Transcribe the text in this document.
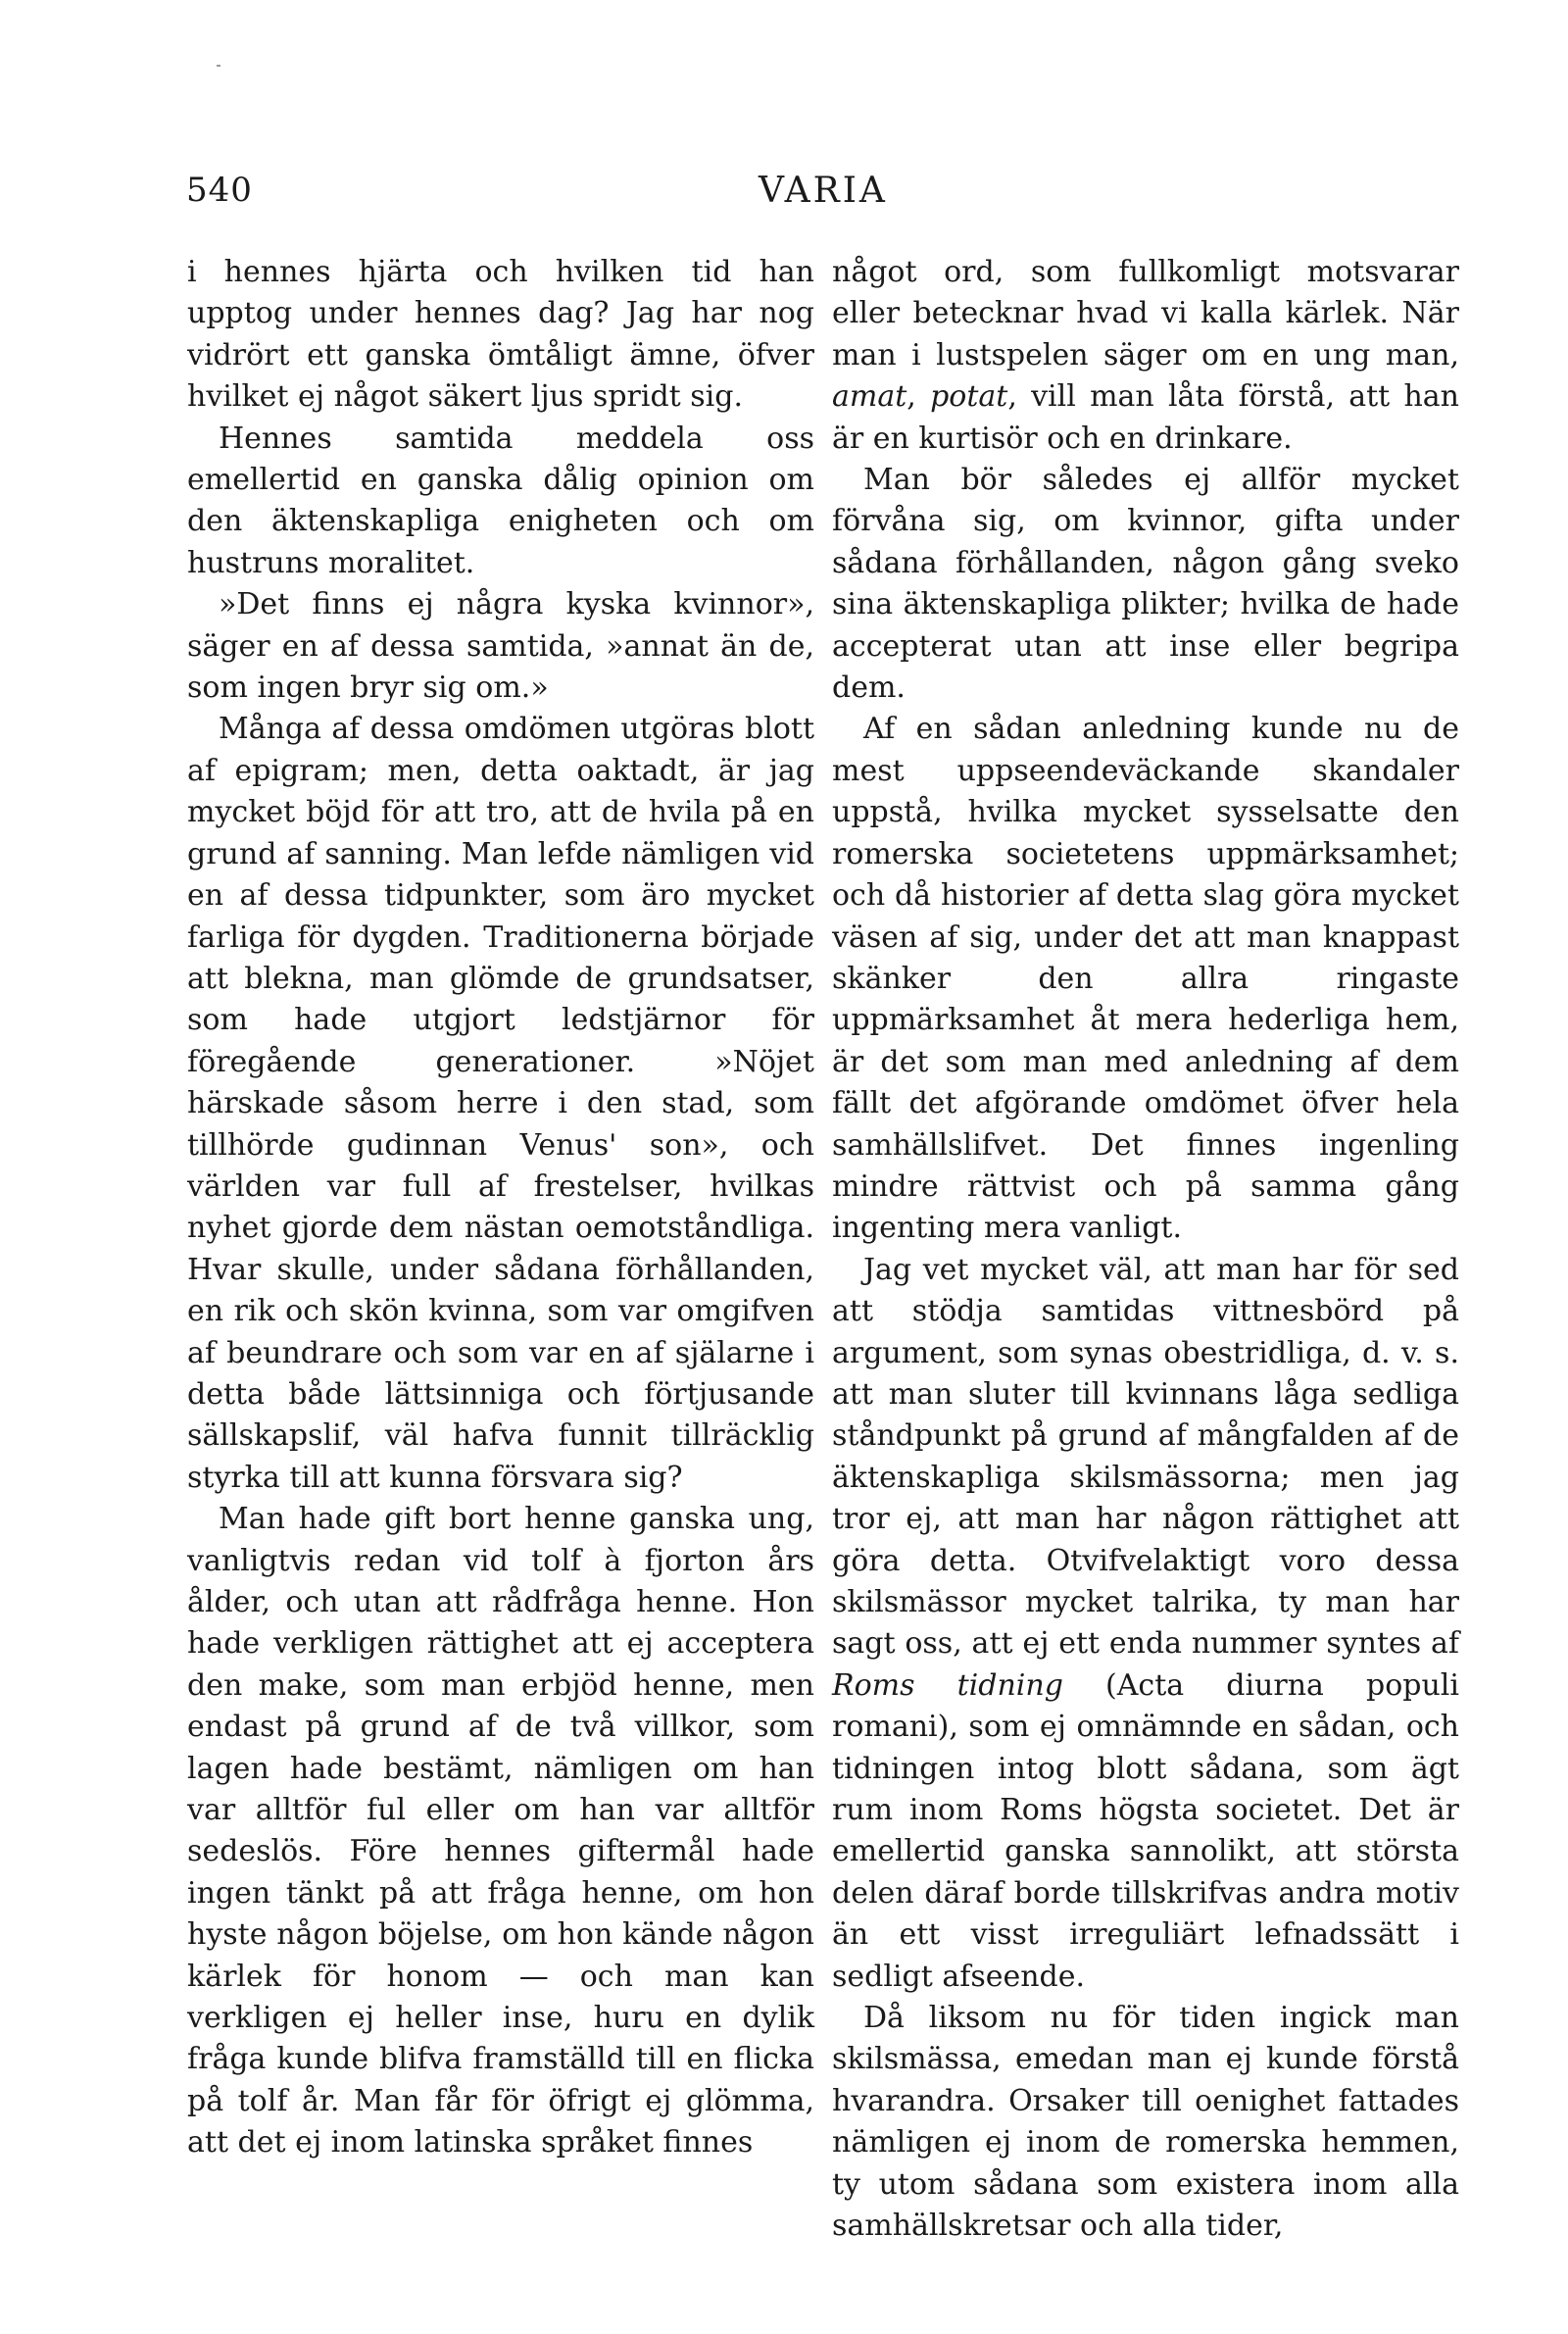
540	VARIA

i hennes hjärta och hvilken tid han upptog under hennes dag? Jag har nog vidrört ett ganska ömtåligt ämne, öfver hvilket ej något säkert ljus spridt sig.

Hennes samtida meddela oss emellertid en ganska dålig opinion om den äktenskapliga enigheten och om hustruns moralitet.

»Det finns ej några kyska kvinnor», säger en af dessa samtida, »annat än de, som ingen bryr sig om.»

Många af dessa omdömen utgöras blott af epigram; men, detta oaktadt, är jag mycket böjd för att tro, att de hvila på en grund af sanning. Man lefde nämligen vid en af dessa tidpunkter, som äro mycket farliga för dygden. Traditionerna började att blekna, man glömde de grundsatser, som hade utgjort ledstjärnor för föregående generationer. »Nöjet härskade såsom herre i den stad, som tillhörde gudinnan Venus' son», och världen var full af frestelser, hvilkas nyhet gjorde dem nästan oemotståndliga. Hvar skulle, under sådana förhållanden, en rik och skön kvinna, som var omgifven af beundrare och som var en af själarne i detta både lättsinniga och förtjusande sällskapslif, väl hafva funnit tillräcklig styrka till att kunna försvara sig?

Man hade gift bort henne ganska ung, vanligtvis redan vid tolf à fjorton års ålder, och utan att rådfråga henne. Hon hade verkligen rättighet att ej acceptera den make, som man erbjöd henne, men endast på grund af de två villkor, som lagen hade bestämt, nämligen om han var alltför ful eller om han var alltför sedeslös. Före hennes giftermål hade ingen tänkt på att fråga henne, om hon hyste någon böjelse, om hon kände någon kärlek för honom — och man kan verkligen ej heller inse, huru en dylik fråga kunde blifva framställd till en flicka på tolf år. Man får för öfrigt ej glömma, att det ej inom latinska språket finnes

något ord, som fullkomligt motsvarar eller betecknar hvad vi kalla kärlek. När man i lustspelen säger om en ung man, amat, potat, vill man låta förstå, att han är en kurtisör och en drinkare.

Man bör således ej allför mycket förvåna sig, om kvinnor, gifta under sådana förhållanden, någon gång sveko sina äktenskapliga plikter; hvilka de hade accepterat utan att inse eller begripa dem.

Af en sådan anledning kunde nu de mest uppseendeväckande skandaler uppstå, hvilka mycket sysselsatte den romerska societetens uppmärksamhet; och då historier af detta slag göra mycket väsen af sig, under det att man knappast skänker den allra ringaste uppmärksamhet åt mera hederliga hem, är det som man med anledning af dem fällt det afgörande omdömet öfver hela samhällslifvet. Det finnes ingenling mindre rättvist och på samma gång ingenting mera vanligt.

Jag vet mycket väl, att man har för sed att stödja samtidas vittnesbörd på argument, som synas obestridliga, d. v. s. att man sluter till kvinnans låga sedliga ståndpunkt på grund af mångfalden af de äktenskapliga skilsmässorna; men jag tror ej, att man har någon rättighet att göra detta. Otvifvelaktigt voro dessa skilsmässor mycket talrika, ty man har sagt oss, att ej ett enda nummer syntes af Roms tidning (Acta diurna populi romani), som ej omnämnde en sådan, och tidningen intog blott sådana, som ägt rum inom Roms högsta societet. Det är emellertid ganska sannolikt, att största delen däraf borde tillskrifvas andra motiv än ett visst irreguliärt lefnadssätt i sedligt afseende.

Då liksom nu för tiden ingick man skilsmässa, emedan man ej kunde förstå hvarandra. Orsaker till oenighet fattades nämligen ej inom de romerska hemmen, ty utom sådana som existera inom alla samhällskretsar och alla tider,
